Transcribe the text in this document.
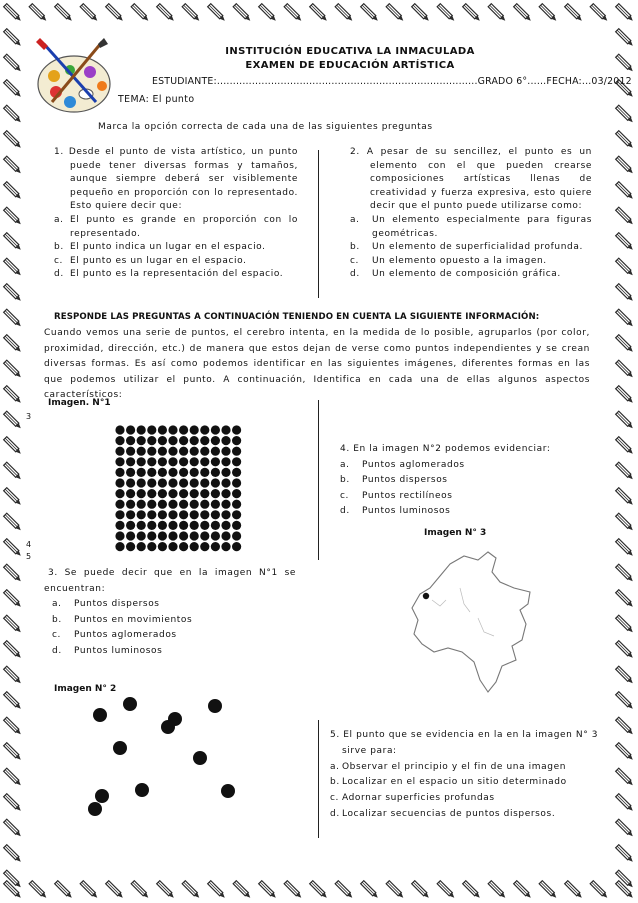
INSTITUCIÓN EDUCATIVA LA INMACULADA
EXAMEN DE EDUCACIÓN ARTÍSTICA
ESTUDIANTE:..................................................................................GRADO 6°......FECHA:...03/2012
TEMA: El punto
Marca la opción correcta de cada una de las siguientes preguntas

1. Desde el punto de vista artístico, un punto puede tener diversas formas y tamaños, aunque siempre deberá ser visiblemente pequeño en proporción con lo representado. Esto quiere decir que:

a. El punto es grande en proporción con lo representado.
b. El punto indica un lugar en el espacio.
c. El punto es un lugar en el espacio.
d. El punto es la representación del espacio.

2. A pesar de su sencillez, el punto es un elemento con el que pueden crearse composiciones artísticas llenas de creatividad y fuerza expresiva, esto quiere decir que el punto puede utilizarse como:

a.	Un elemento especialmente para figuras geométricas.
b.	Un elemento de superficialidad profunda.
c.	Un elemento opuesto a la imagen.
d.	Un elemento de composición gráfica.
RESPONDE LAS PREGUNTAS A CONTINUACIÓN TENIENDO EN CUENTA LA SIGUIENTE INFORMACIÓN:
Cuando vemos una serie de puntos, el cerebro intenta, en la medida de lo posible, agruparlos (por color, proximidad, dirección, etc.) de manera que estos dejan de verse como puntos independientes y se crean diversas formas. Es así como podemos identificar en las siguientes imágenes, diferentes formas en las que podemos utilizar el punto. A continuación, Identifica en cada una de ellas algunos aspectos característicos:
Imagen. N°1
4. En la imagen N°2 podemos evidenciar:
a.	Puntos aglomerados
b.	Puntos dispersos
c.	Puntos rectilíneos
d.	Puntos luminosos
Imagen N° 3
3
4
5
3. Se puede decir que en la imagen N°1 se encuentran:
a.	Puntos dispersos
b.	Puntos en movimientos
c.	Puntos aglomerados
d.	Puntos luminosos
Imagen N° 2
5. El punto que se evidencia en la en la imagen N° 3
sirve para:
a. Observar el principio y el fin de una imagen
b. Localizar en el espacio un sitio determinado
c. Adornar superficies profundas
d. Localizar secuencias de puntos dispersos.
